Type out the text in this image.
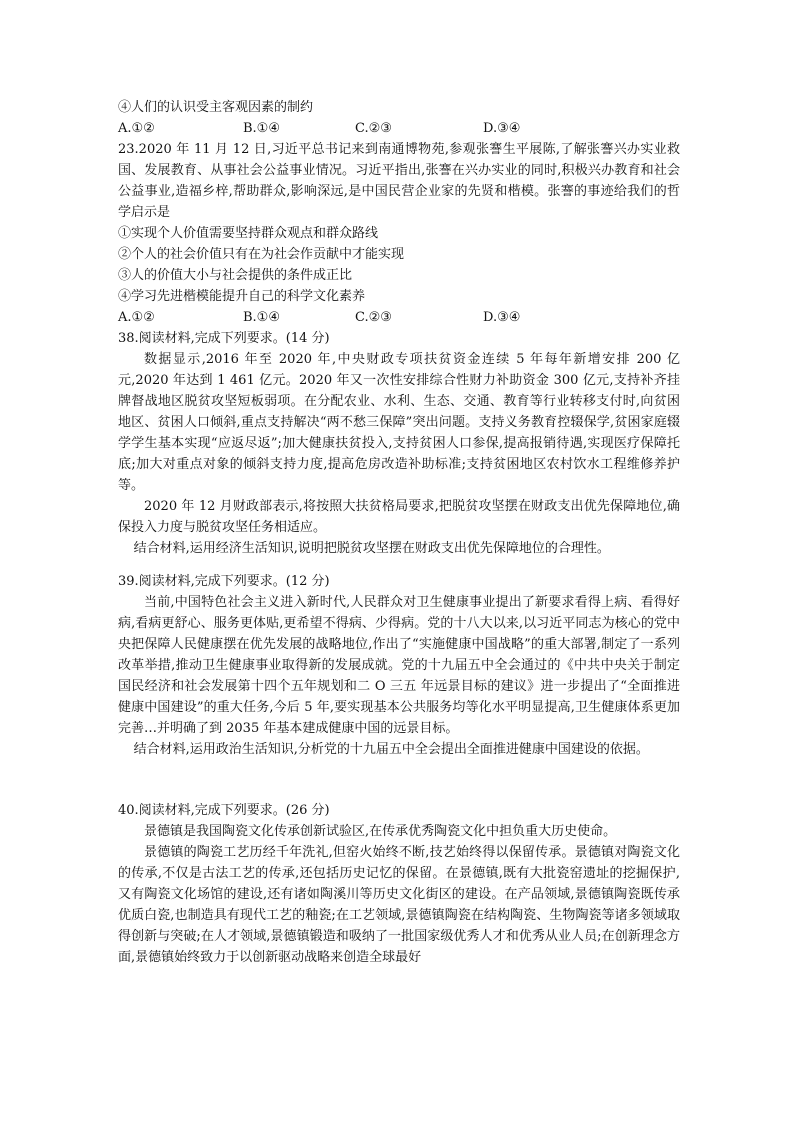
④人们的认识受主客观因素的制约
A.①②	B.①④	C.②③	D.③④

23.2020 年 11 月 12 日,习近平总书记来到南通博物苑,参观张謇生平展陈,了解张謇兴办实业救国、发展教育、从事社会公益事业情况。习近平指出,张謇在兴办实业的同时,积极兴办教育和社会公益事业,造福乡梓,帮助群众,影响深远,是中国民营企业家的先贤和楷模。张謇的事迹给我们的哲学启示是

①实现个人价值需要坚持群众观点和群众路线
②个人的社会价值只有在为社会作贡献中才能实现
③人的价值大小与社会提供的条件成正比
④学习先进楷模能提升自己的科学文化素养
A.①②	B.①④	C.②③	D.③④
38.阅读材料,完成下列要求。(14 分)

数据显示,2016 年至 2020 年,中央财政专项扶贫资金连续 5 年每年新增安排 200 亿元,2020 年达到 1 461 亿元。2020 年又一次性安排综合性财力补助资金 300 亿元,支持补齐挂牌督战地区脱贫攻坚短板弱项。在分配农业、水利、生态、交通、教育等行业转移支付时,向贫困地区、贫困人口倾斜,重点支持解决“两不愁三保障”突出问题。支持义务教育控辍保学,贫困家庭辍学学生基本实现“应返尽返”;加大健康扶贫投入,支持贫困人口参保,提高报销待遇,实现医疗保障托底;加大对重点对象的倾斜支持力度,提高危房改造补助标准;支持贫困地区农村饮水工程维修养护等。

2020 年 12 月财政部表示,将按照大扶贫格局要求,把脱贫攻坚摆在财政支出优先保障地位,确保投入力度与脱贫攻坚任务相适应。

结合材料,运用经济生活知识,说明把脱贫攻坚摆在财政支出优先保障地位的合理性。

39.阅读材料,完成下列要求。(12 分)

当前,中国特色社会主义进入新时代,人民群众对卫生健康事业提出了新要求看得上病、看得好病,看病更舒心、服务更体贴,更希望不得病、少得病。党的十八大以来,以习近平同志为核心的党中央把保障人民健康摆在优先发展的战略地位,作出了“实施健康中国战略”的重大部署,制定了一系列改革举措,推动卫生健康事业取得新的发展成就。党的十九届五中全会通过的《中共中央关于制定国民经济和社会发展第十四个五年规划和二 O 三五 年远景目标的建议》进一步提出了“全面推进健康中国建设”的重大任务,今后 5 年,要实现基本公共服务均等化水平明显提高,卫生健康体系更加完善…并明确了到 2035 年基本建成健康中国的远景目标。

结合材料,运用政治生活知识,分析党的十九届五中全会提出全面推进健康中国建设的依据。

40.阅读材料,完成下列要求。(26 分)

景德镇是我国陶瓷文化传承创新试验区,在传承优秀陶瓷文化中担负重大历史使命。

景德镇的陶瓷工艺历经千年洗礼,但窑火始终不断,技艺始终得以保留传承。景德镇对陶瓷文化的传承,不仅是古法工艺的传承,还包括历史记忆的保留。在景德镇,既有大批瓷窑遗址的挖掘保护,又有陶瓷文化场馆的建设,还有诸如陶溪川等历史文化街区的建设。在产品领域,景德镇陶瓷既传承优质白瓷,也制造具有现代工艺的釉瓷;在工艺领域,景德镇陶瓷在结构陶瓷、生物陶瓷等诸多领域取得创新与突破;在人才领域,景德镇锻造和吸纳了一批国家级优秀人才和优秀从业人员;在创新理念方面,景德镇始终致力于以创新驱动战略来创造全球最好
